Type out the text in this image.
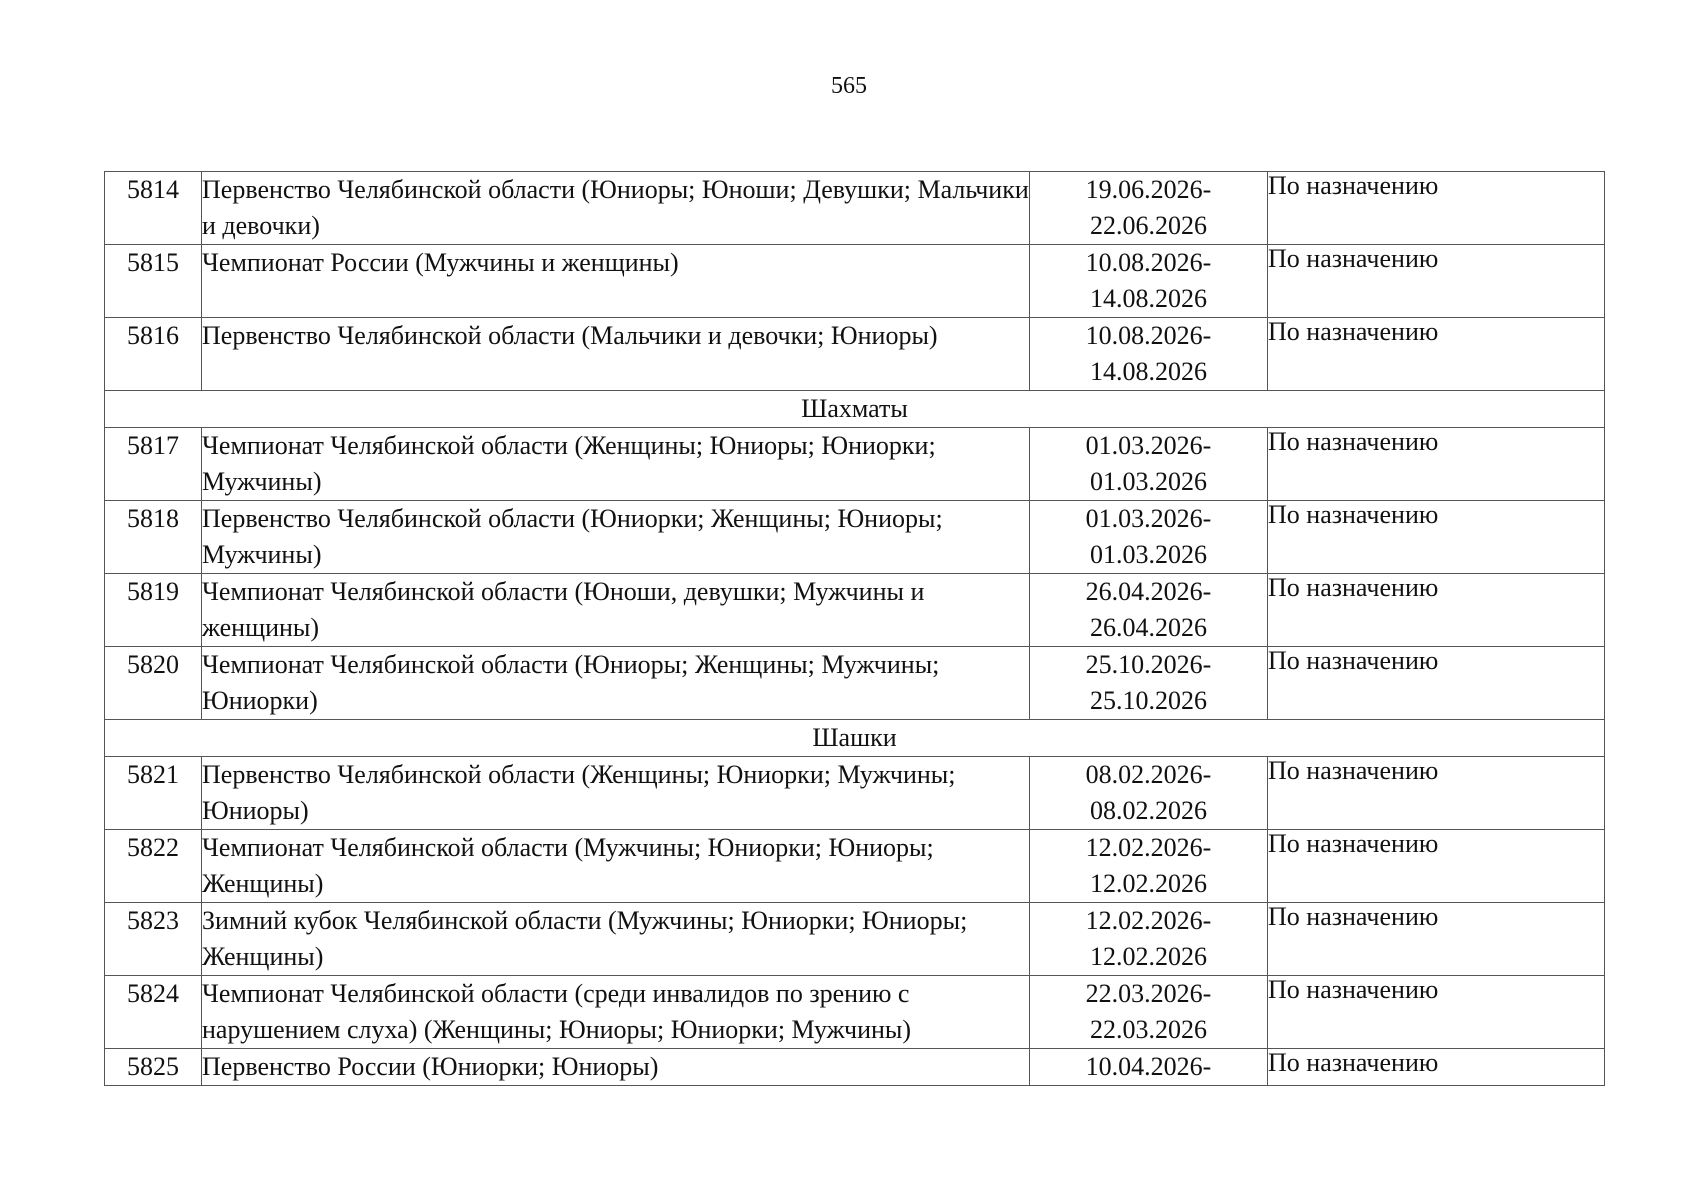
565
5814	Первенство Челябинской области (Юниоры; Юноши; Девушки; Мальчики и девочки)	19.06.2026-
22.06.2026	По назначению

5815	Чемпионат России (Мужчины и женщины)	10.08.2026-
14.08.2026	По назначению

5816	Первенство Челябинской области (Мальчики и девочки; Юниоры)	10.08.2026-
14.08.2026	По назначению

Шахматы			
5817	Чемпионат Челябинской области (Женщины; Юниоры; Юниорки; Мужчины)	01.03.2026-
01.03.2026	По назначению

5818	Первенство Челябинской области (Юниорки; Женщины; Юниоры; Мужчины)	01.03.2026-
01.03.2026	По назначению

5819	Чемпионат Челябинской области (Юноши, девушки; Мужчины и женщины)	26.04.2026-
26.04.2026	По назначению

5820	Чемпионат Челябинской области (Юниоры; Женщины; Мужчины; Юниорки)	25.10.2026-
25.10.2026	По назначению

Шашки			
5821	Первенство Челябинской области (Женщины; Юниорки; Мужчины; Юниоры)	08.02.2026-
08.02.2026	По назначению

5822	Чемпионат Челябинской области (Мужчины; Юниорки; Юниоры; Женщины)	12.02.2026-
12.02.2026	По назначению

5823	Зимний кубок Челябинской области (Мужчины; Юниорки; Юниоры; Женщины)	12.02.2026-
12.02.2026	По назначению

5824	Чемпионат Челябинской области (среди инвалидов по зрению с нарушением слуха) (Женщины; Юниоры; Юниорки; Мужчины)	22.03.2026-
22.03.2026	По назначению

5825	Первенство России (Юниорки; Юниоры)	10.04.2026-	По назначению
